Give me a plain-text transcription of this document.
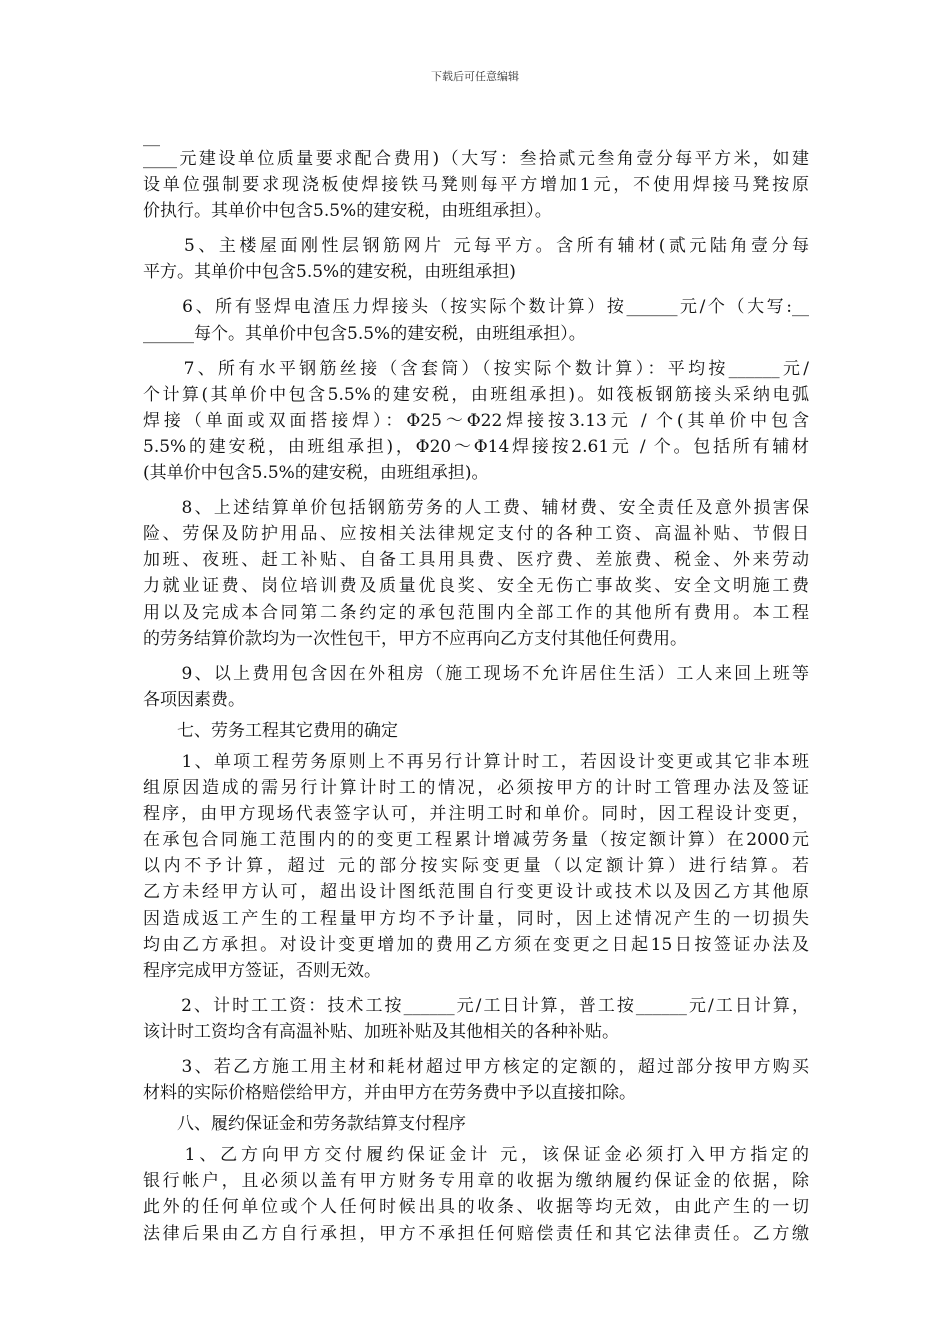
下载后可任意编辑
__
____元建设单位质量要求配合费用)（大写：叁拾贰元叁角壹分每平方米，如建
设单位强制要求现浇板使焊接铁马凳则每平方增加1元，不使用焊接马凳按原
价执行。其单价中包含5.5%的建安税，由班组承担）。
　　5、主楼屋面刚性层钢筋网片 元每平方。含所有辅材(贰元陆角壹分每
平方。其单价中包含5.5%的建安税，由班组承担)
　　6、所有竖焊电渣压力焊接头（按实际个数计算）按______元/个（大写:__
______每个。其单价中包含5.5%的建安税，由班组承担）。
　　7、所有水平钢筋丝接（含套筒）（按实际个数计算）：平均按______元/
个计算(其单价中包含5.5%的建安税，由班组承担)。如筏板钢筋接头采纳电弧
焊接（单面或双面搭接焊）：Φ25～Φ22焊接按3.13元 / 个(其单价中包含
5.5%的建安税，由班组承担)，Φ20～Φ14焊接按2.61元 / 个。包括所有辅材
(其单价中包含5.5%的建安税，由班组承担)。
　　8、上述结算单价包括钢筋劳务的人工费、辅材费、安全责任及意外损害保
险、劳保及防护用品、应按相关法律规定支付的各种工资、高温补贴、节假日
加班、夜班、赶工补贴、自备工具用具费、医疗费、差旅费、税金、外来劳动
力就业证费、岗位培训费及质量优良奖、安全无伤亡事故奖、安全文明施工费
用以及完成本合同第二条约定的承包范围内全部工作的其他所有费用。本工程
的劳务结算价款均为一次性包干，甲方不应再向乙方支付其他任何费用。
　　9、以上费用包含因在外租房（施工现场不允许居住生活）工人来回上班等
各项因素费。
　　七、劳务工程其它费用的确定
　　1、单项工程劳务原则上不再另行计算计时工，若因设计变更或其它非本班
组原因造成的需另行计算计时工的情况，必须按甲方的计时工管理办法及签证
程序，由甲方现场代表签字认可，并注明工时和单价。同时，因工程设计变更，
在承包合同施工范围内的的变更工程累计增减劳务量（按定额计算）在2000元
以内不予计算，超过 元的部分按实际变更量（以定额计算）进行结算。若
乙方未经甲方认可，超出设计图纸范围自行变更设计或技术以及因乙方其他原
因造成返工产生的工程量甲方均不予计量，同时，因上述情况产生的一切损失
均由乙方承担。对设计变更增加的费用乙方须在变更之日起15日按签证办法及
程序完成甲方签证，否则无效。
　　2、计时工工资：技术工按______元/工日计算，普工按______元/工日计算，
该计时工资均含有高温补贴、加班补贴及其他相关的各种补贴。
　　3、若乙方施工用主材和耗材超过甲方核定的定额的，超过部分按甲方购买
材料的实际价格赔偿给甲方，并由甲方在劳务费中予以直接扣除。
　　八、履约保证金和劳务款结算支付程序
　　1、乙方向甲方交付履约保证金计 元，该保证金必须打入甲方指定的
银行帐户，且必须以盖有甲方财务专用章的收据为缴纳履约保证金的依据，除
此外的任何单位或个人任何时候出具的收条、收据等均无效，由此产生的一切
法律后果由乙方自行承担，甲方不承担任何赔偿责任和其它法律责任。乙方缴
